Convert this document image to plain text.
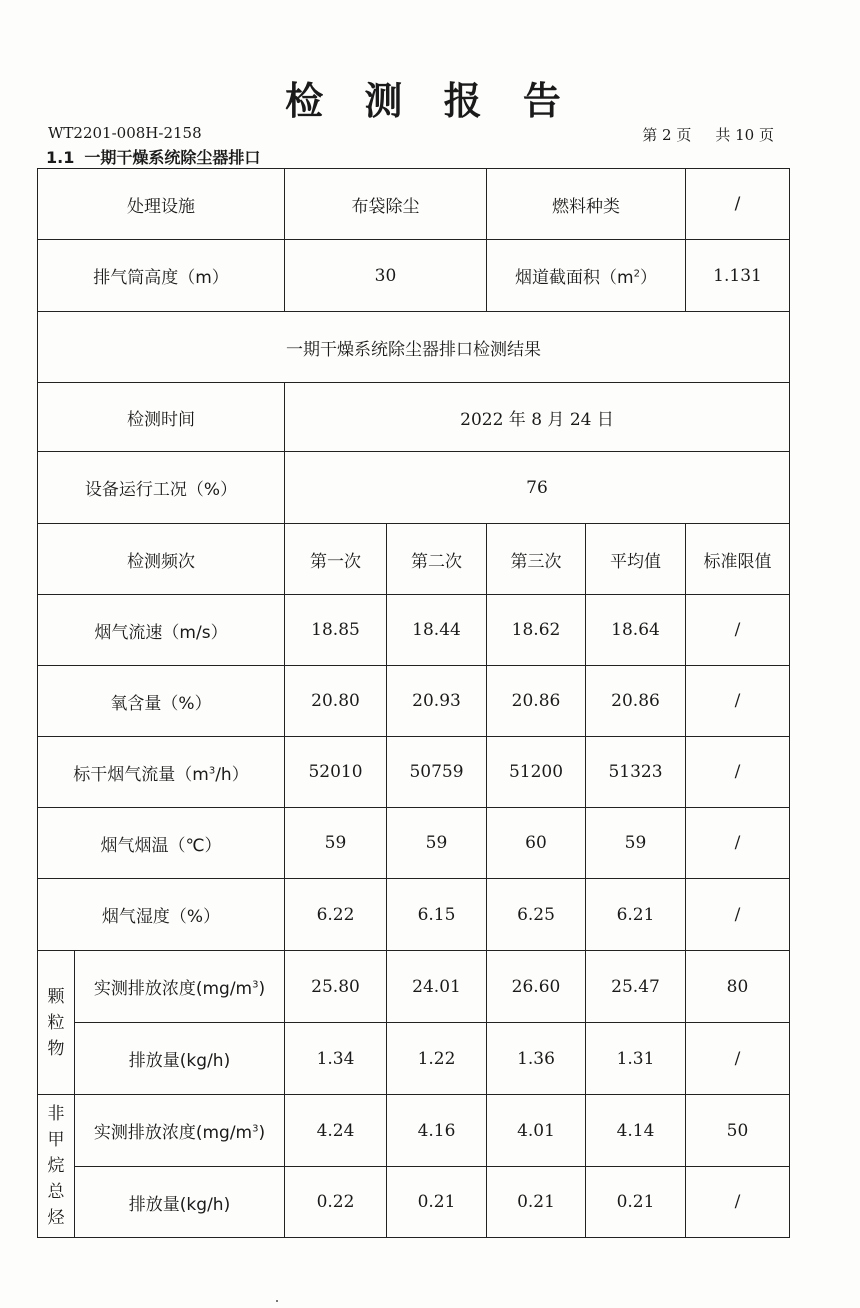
检 测 报 告
WT2201-008H-2158	第 2 页 共 10 页
1.1 一期干燥系统除尘器排口
处理设施		布袋除尘		燃料种类		/
排气筒高度（m）		30		烟道截面积$(m^2)$		1.131
一期干燥系统除尘器排口检测结果						
检测时间		2022 年 8 月 24 日				
设备运行工况（%）		76				
检测频次		第一次	第二次	第三次	平均值	标准限值
烟气流速（m/s）		18.85	18.44	18.62	18.64	/
氧含量（%）		20.80	20.93	20.86	20.86	/
标干烟气流量$(m^3/h)$		52010	50759	51200	51323	/
烟气烟温（℃）		59	59	60	59	/
烟气湿度（%）		6.22	6.15	6.25	6.21	/

颗
粒
物	实测排放浓度$(mg/m^3)$	25.80	24.01	26.60	25.47	80
	排放量(kg/h)	1.34	1.22	1.36	1.31	/

非
甲
烷
总
烃	实测排放浓度$(mg/m^3)$	4.24	4.16	4.01	4.14	50
	排放量(kg/h)	0.22	0.21	0.21	0.21	/
